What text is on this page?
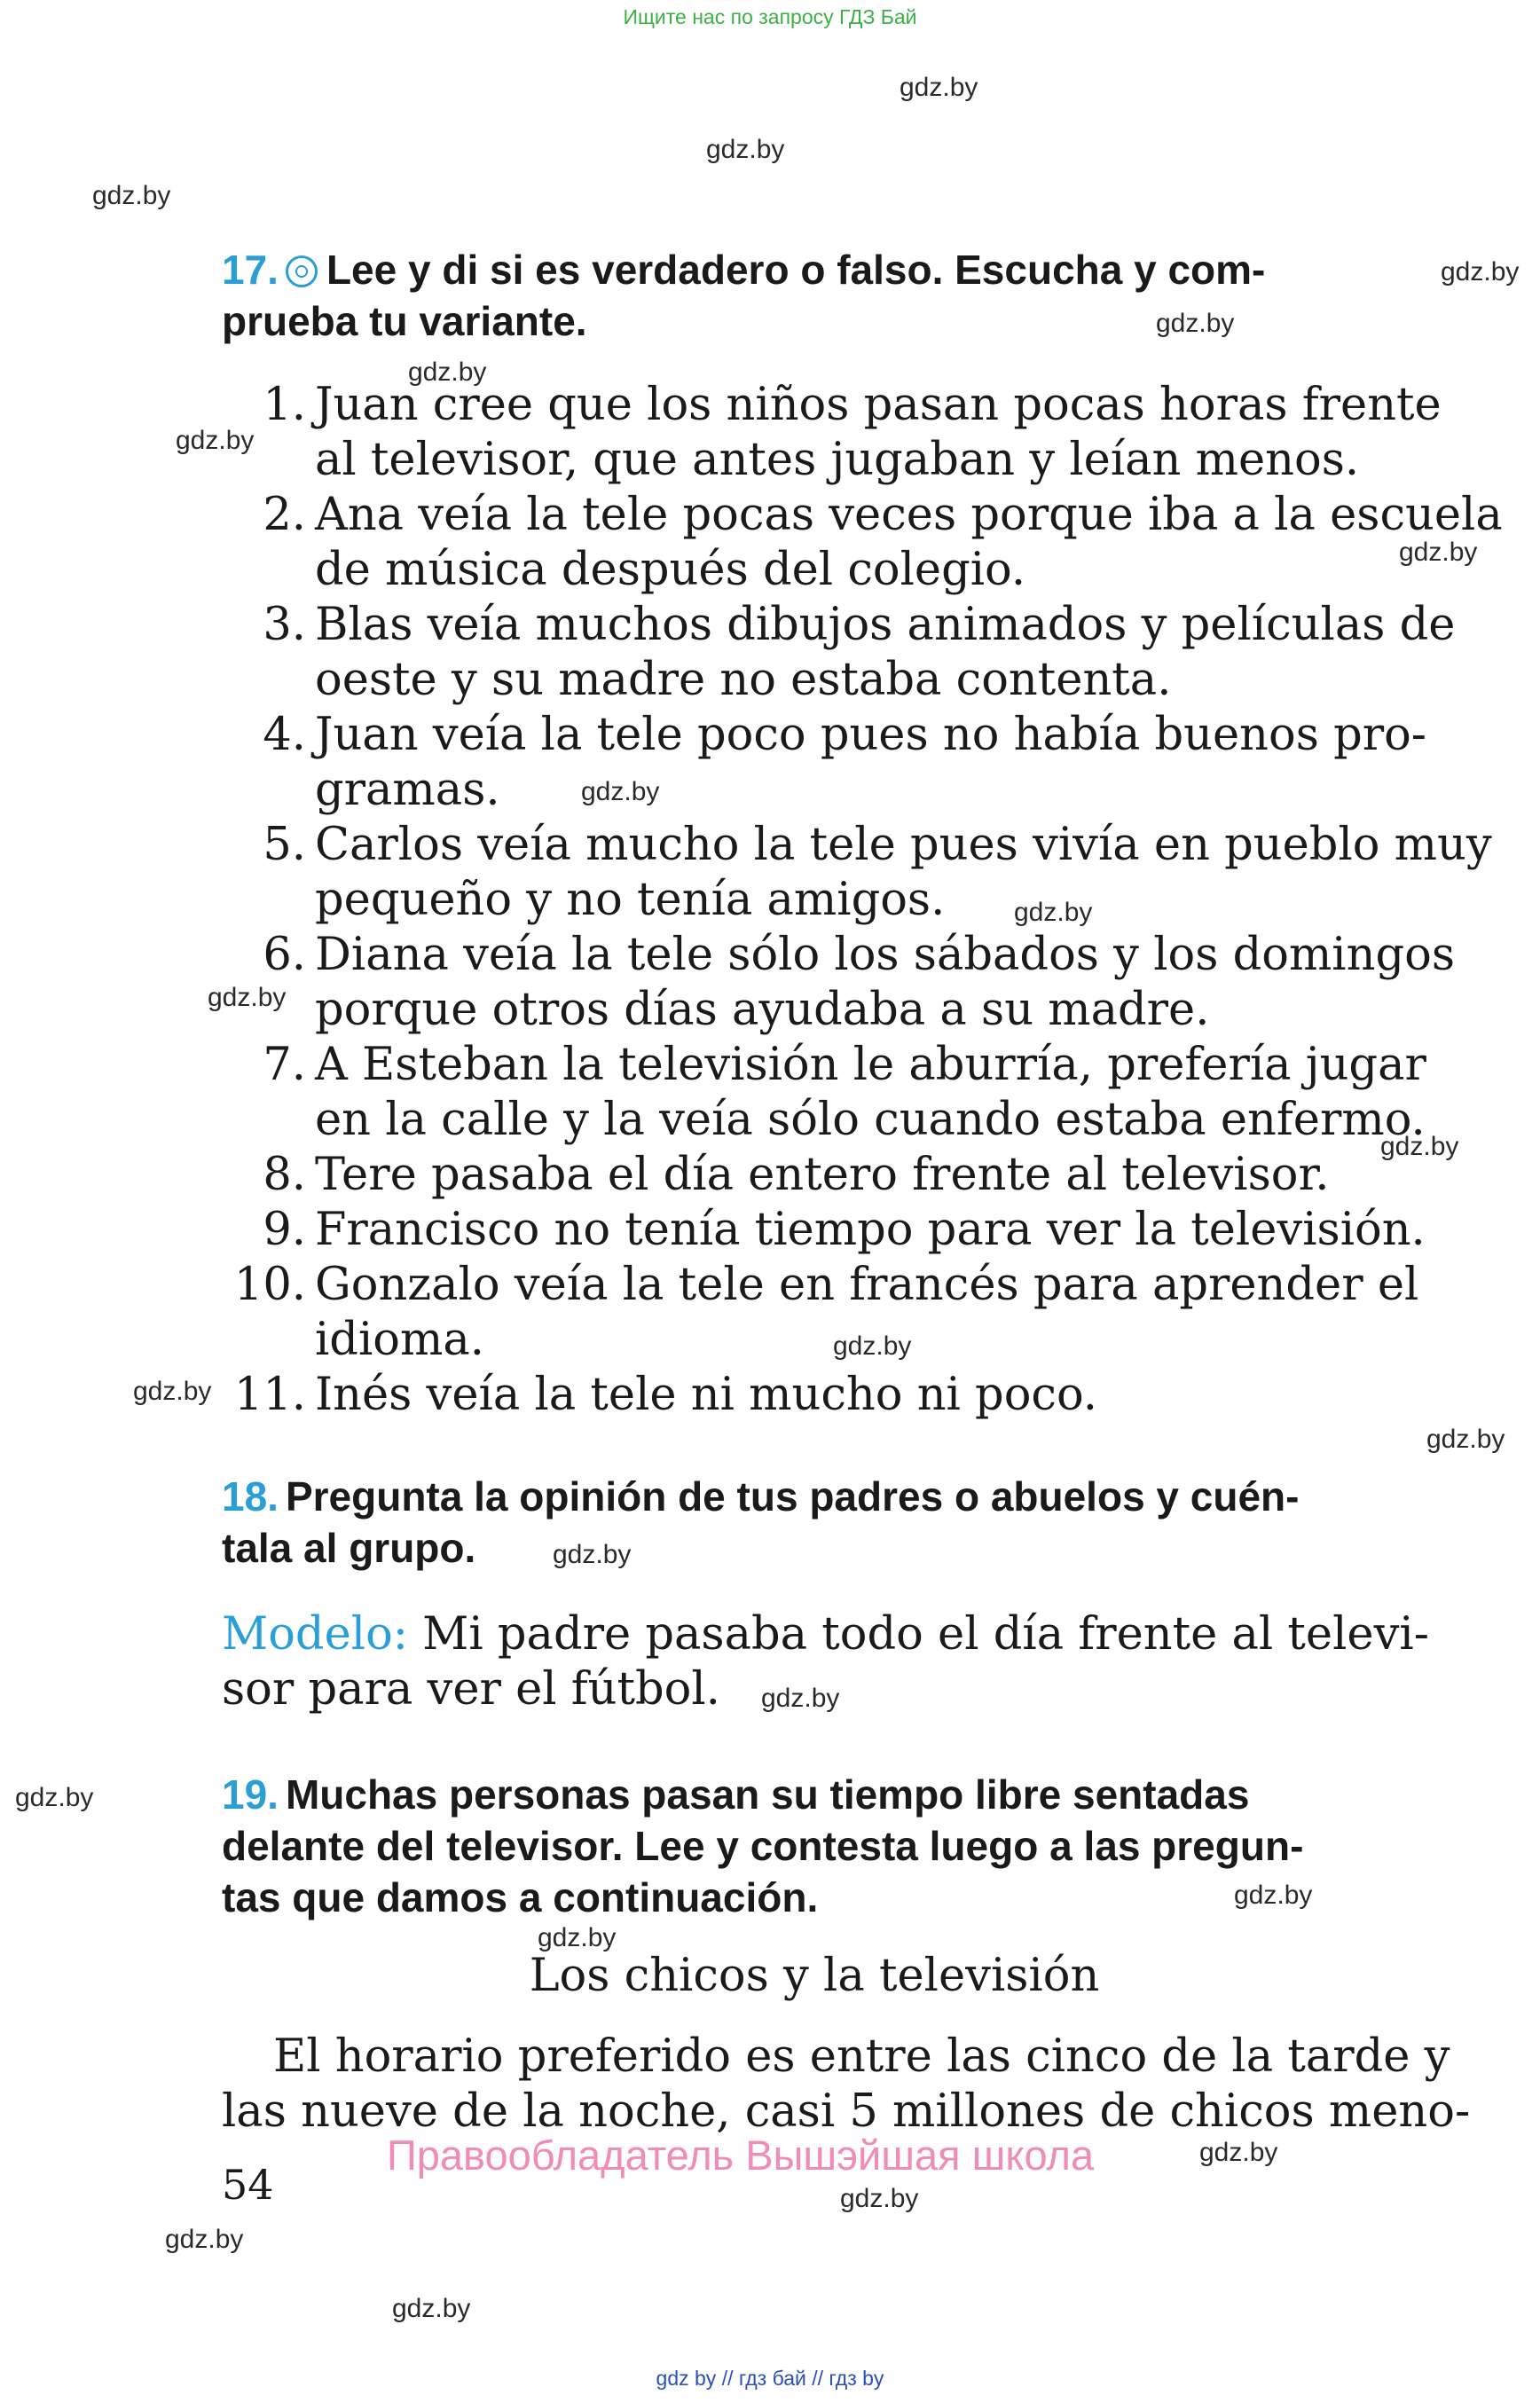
Ищите нас по запросу ГДЗ Бай
gdz.by
gdz.by
gdz.by
gdz.by
gdz.by
gdz.by
gdz.by
gdz.by
gdz.by
gdz.by
gdz.by
gdz.by
gdz.by
gdz.by
gdz.by
gdz.by
gdz.by
gdz.by
gdz.by
gdz.by
gdz.by
gdz.by
gdz.by
gdz.by
17. Lee y di si es verdadero o falso. Escucha y com-
prueba tu variante.
1. Juan cree que los niños pasan pocas horas frente
al televisor, que antes jugaban y leían menos.
2. Ana veía la tele pocas veces porque iba a la escuela
de música después del colegio.
3. Blas veía muchos dibujos animados y películas de
oeste y su madre no estaba contenta.
4. Juan veía la tele poco pues no había buenos pro-
gramas.
5. Carlos veía mucho la tele pues vivía en pueblo muy
pequeño y no tenía amigos.
6. Diana veía la tele sólo los sábados y los domingos
porque otros días ayudaba a su madre.
7. A Esteban la televisión le aburría, prefería jugar
en la calle y la veía sólo cuando estaba enfermo.
8. Tere pasaba el día entero frente al televisor.
9. Francisco no tenía tiempo para ver la televisión.
10. Gonzalo veía la tele en francés para aprender el
idioma.
11. Inés veía la tele ni mucho ni poco.
18. Pregunta la opinión de tus padres o abuelos y cuén-
tala al grupo.
Modelo: Mi padre pasaba todo el día frente al televi-
sor para ver el fútbol.
19. Muchas personas pasan su tiempo libre sentadas
delante del televisor. Lee y contesta luego a las pregun-
tas que damos a continuación.
Los chicos y la televisión
El horario preferido es entre las cinco de la tarde y
las nueve de la noche, casi 5 millones de chicos meno-
54
Правообладатель Вышэйшая школа
gdz by // гдз бай // гдз by
